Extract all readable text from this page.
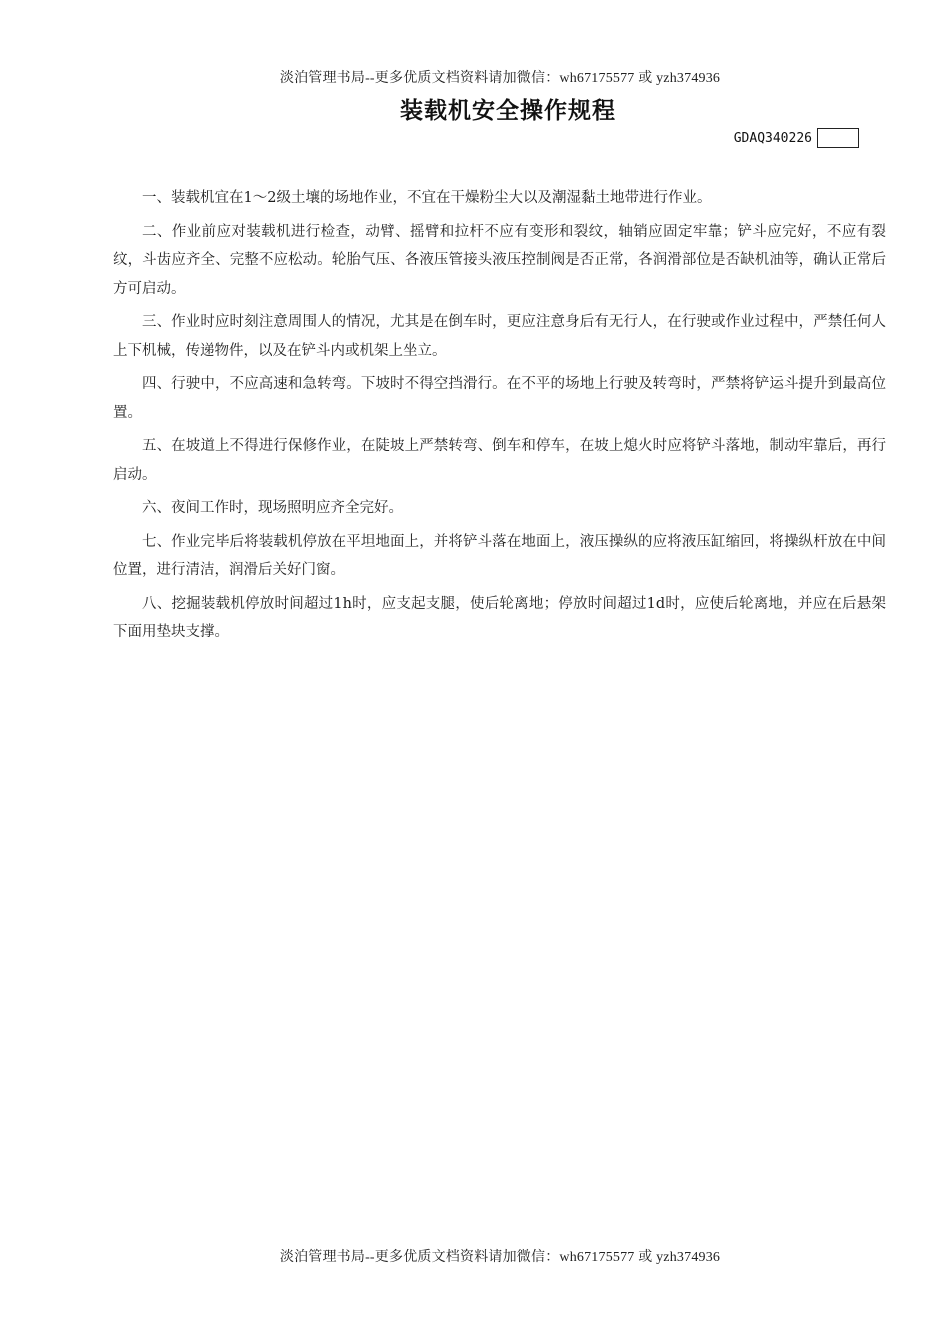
淡泊管理书局--更多优质文档资料请加微信：wh67175577 或 yzh374936
装载机安全操作规程
GDAQ340226

一、装载机宜在1～2级土壤的场地作业，不宜在干燥粉尘大以及潮湿黏土地带进行作业。

二、作业前应对装载机进行检查，动臂、摇臂和拉杆不应有变形和裂纹，轴销应固定牢靠；铲斗应完好，不应有裂纹，斗齿应齐全、完整不应松动。轮胎气压、各液压管接头液压控制阀是否正常，各润滑部位是否缺机油等，确认正常后方可启动。

三、作业时应时刻注意周围人的情况，尤其是在倒车时，更应注意身后有无行人，在行驶或作业过程中，严禁任何人上下机械，传递物件，以及在铲斗内或机架上坐立。

四、行驶中，不应高速和急转弯。下坡时不得空挡滑行。在不平的场地上行驶及转弯时，严禁将铲运斗提升到最高位置。

五、在坡道上不得进行保修作业，在陡坡上严禁转弯、倒车和停车，在坡上熄火时应将铲斗落地，制动牢靠后，再行启动。

六、夜间工作时，现场照明应齐全完好。

七、作业完毕后将装载机停放在平坦地面上，并将铲斗落在地面上，液压操纵的应将液压缸缩回，将操纵杆放在中间位置，进行清洁，润滑后关好门窗。

八、挖掘装载机停放时间超过1h时，应支起支腿，使后轮离地；停放时间超过1d时，应使后轮离地，并应在后悬架下面用垫块支撑。

淡泊管理书局--更多优质文档资料请加微信：wh67175577 或 yzh374936
